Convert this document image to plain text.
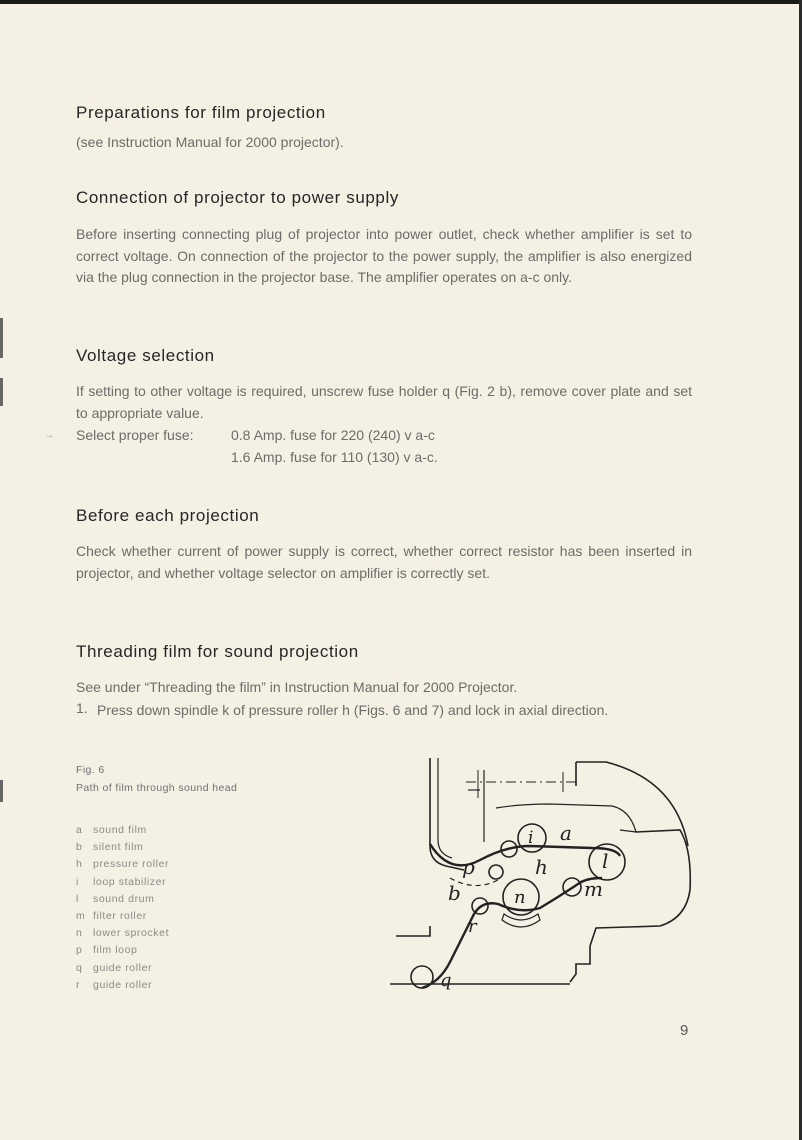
→
Preparations for film projection
(see Instruction Manual for 2000 projector).
Connection of projector to power supply

Before inserting connecting plug of projector into power outlet, check whether amplifier is set to correct voltage. On connection of the projector to the power supply, the amplifier is also energized via the plug connection in the projector base. The amplifier operates on a-c only.

Voltage selection

If setting to other voltage is required, unscrew fuse holder q (Fig. 2 b), remove cover plate and set to appropriate value.

Select proper fuse:	0.8 Amp. fuse for 220 (240) v a-c
1.6 Amp. fuse for 110 (130) v a-c.
Before each projection

Check whether current of power supply is correct, whether correct resistor has been inserted in projector, and whether voltage selector on amplifier is correctly set.

Threading film for sound projection
See under “Threading the film” in Instruction Manual for 2000 Projector.
1. Press down spindle k of pressure roller h (Figs. 6 and 7) and lock in axial direction.

Fig. 6
Path of film through sound head
a sound film
b silent film
h pressure roller
i loop stabilizer
l sound drum
m filter roller
n lower sprocket
p film loop
q guide roller
r guide roller
a
i
p	h	l
n	m
b
r
q
9
